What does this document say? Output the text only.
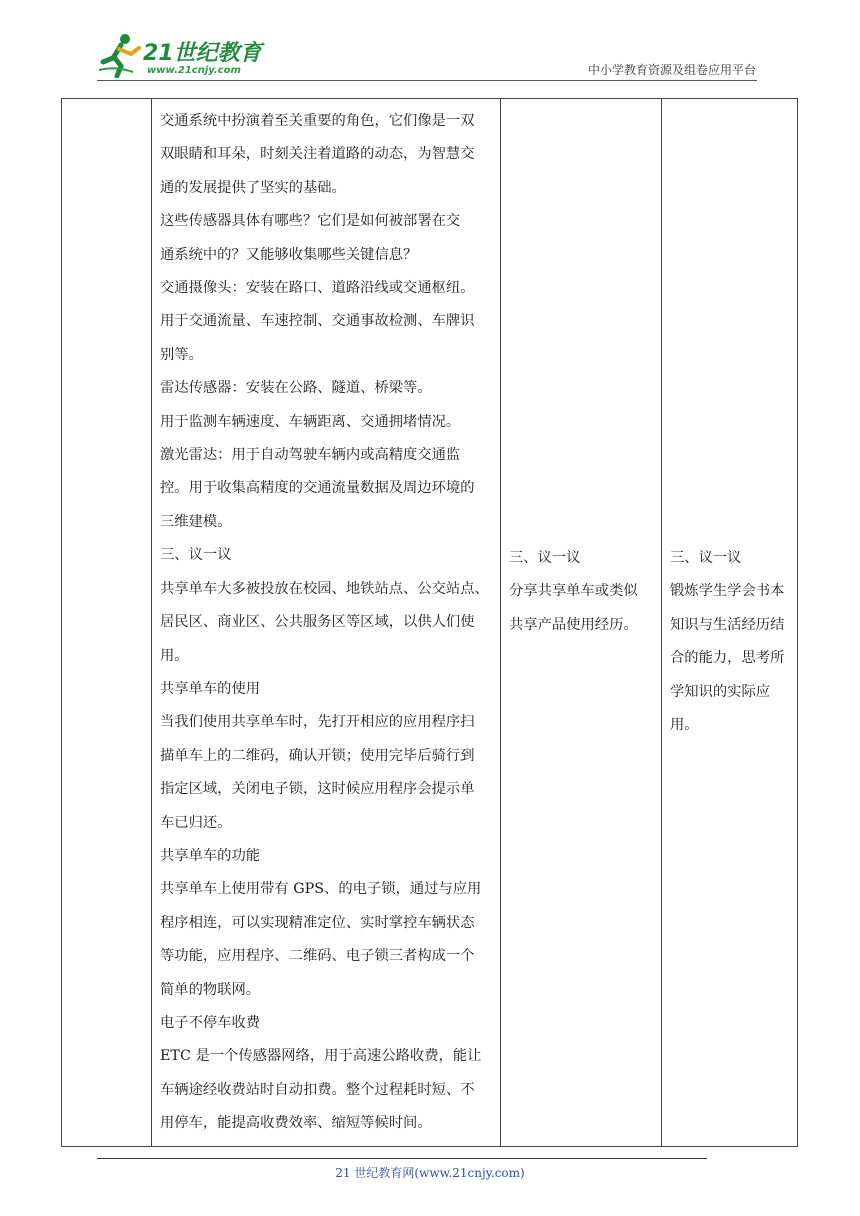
21世纪教育
www.21cnjy.com	中小学教育资源及组卷应用平台

交通系统中扮演着至关重要的角色，它们像是一双

双眼睛和耳朵，时刻关注着道路的动态，为智慧交

通的发展提供了坚实的基础。

这些传感器具体有哪些？它们是如何被部署在交

通系统中的？又能够收集哪些关键信息？

交通摄像头：安装在路口、道路沿线或交通枢纽。

用于交通流量、车速控制、交通事故检测、车牌识

别等。

雷达传感器：安装在公路、隧道、桥梁等。

用于监测车辆速度、车辆距离、交通拥堵情况。

激光雷达：用于自动驾驶车辆内或高精度交通监

控。用于收集高精度的交通流量数据及周边环境的

三维建模。

三、议一议

共享单车大多被投放在校园、地铁站点、公交站点、

居民区、商业区、公共服务区等区域，以供人们使

用。

共享单车的使用

当我们使用共享单车时，先打开相应的应用程序扫

描单车上的二维码，确认开锁；使用完毕后骑行到

指定区域，关闭电子锁，这时候应用程序会提示单

车已归还。

共享单车的功能

共享单车上使用带有 GPS、的电子锁，通过与应用

程序相连，可以实现精准定位、实时掌控车辆状态

等功能，应用程序、二维码、电子锁三者构成一个

简单的物联网。

电子不停车收费

ETC 是一个传感器网络，用于高速公路收费，能让

车辆途经收费站时自动扣费。整个过程耗时短、不

用停车，能提高收费效率、缩短等候时间。

三、议一议

分享共享单车或类似

共享产品使用经历。

三、议一议

锻炼学生学会书本

知识与生活经历结

合的能力，思考所

学知识的实际应

用。

21 世纪教育网(www.21cnjy.com)
